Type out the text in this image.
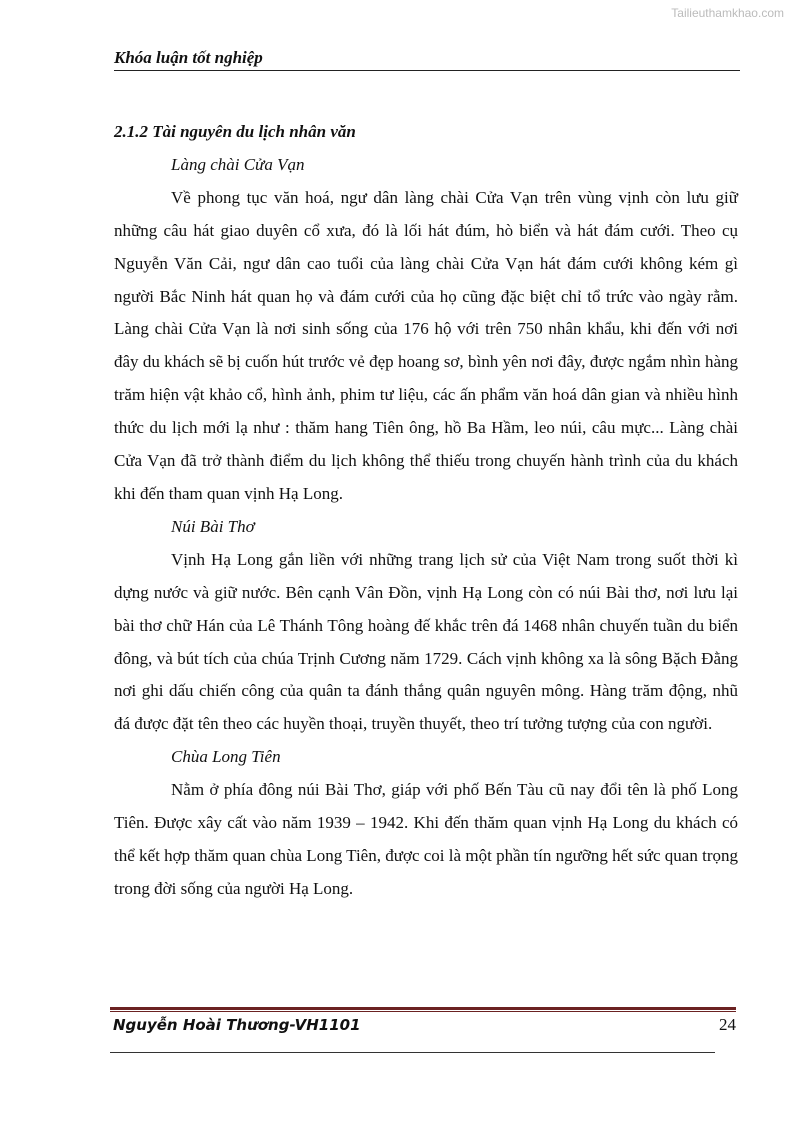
Tailieuthamkhao.com
Khóa luận tốt nghiệp

2.1.2 Tài nguyên du lịch nhân văn

Làng chài Cửa Vạn

Về phong tục văn hoá, ngư dân làng chài Cửa Vạn trên vùng vịnh còn lưu giữ những câu hát giao duyên cổ xưa, đó là lối hát đúm, hò biển và hát đám cưới. Theo cụ Nguyễn Văn Cải, ngư dân cao tuổi của làng chài Cửa Vạn hát đám cưới không kém gì người Bắc Ninh hát quan họ và đám cưới của họ cũng đặc biệt chỉ tổ trức vào ngày rằm. Làng chài Cửa Vạn là nơi sinh sống của 176 hộ với trên 750 nhân khẩu, khi đến với nơi đây du khách sẽ bị cuốn hút trước vẻ đẹp hoang sơ, bình yên nơi đây, được ngắm nhìn hàng trăm hiện vật khảo cổ, hình ảnh, phim tư liệu, các ấn phẩm văn hoá dân gian và nhiều hình thức du lịch mới lạ như : thăm hang Tiên ông, hồ Ba Hầm, leo núi, câu mực... Làng chài Cửa Vạn đã trở thành điểm du lịch không thể thiếu trong chuyến hành trình của du khách khi đến tham quan vịnh Hạ Long.

Núi Bài Thơ

Vịnh Hạ Long gắn liền với những trang lịch sử của Việt Nam trong suốt thời kì dựng nước và giữ nước. Bên cạnh Vân Đồn, vịnh Hạ Long còn có núi Bài thơ, nơi lưu lại bài thơ chữ Hán của Lê Thánh Tông hoàng đế khắc trên đá 1468 nhân chuyến tuần du biển đông, và bút tích của chúa Trịnh Cương năm 1729. Cách vịnh không xa là sông Bặch Đằng nơi ghi dấu chiến công của quân ta đánh thắng quân nguyên mông. Hàng trăm động, nhũ đá được đặt tên theo các huyền thoại, truyền thuyết, theo trí tưởng tượng của con người.

Chùa Long Tiên

Nằm ở phía đông núi Bài Thơ, giáp với phố Bến Tàu cũ nay đổi tên là phố Long Tiên. Được xây cất vào năm 1939 – 1942. Khi đến thăm quan vịnh Hạ Long du khách có thể kết hợp thăm quan chùa Long Tiên, được coi là một phần tín ngưỡng hết sức quan trọng trong đời sống của người Hạ Long.

Nguyễn Hoài Thương-VH1101	24
